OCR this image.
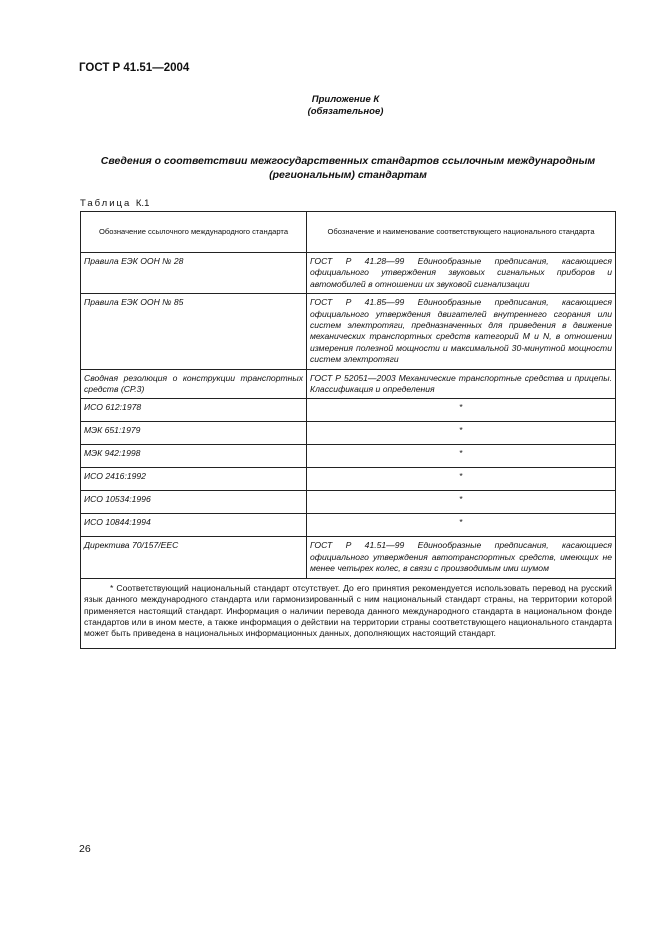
ГОСТ Р 41.51—2004
Приложение К
(обязательное)
Сведения о соответствии межгосударственных стандартов ссылочным международным
(региональным) стандартам
Таблица К.1
Обозначение ссылочного международного стандарта	Обозначение и наименование соответствующего национального стандарта
Правила ЕЭК ООН № 28	ГОСТ Р 41.28—99 Единообразные предписания, касающиеся официального утверждения звуковых сигнальных приборов и автомобилей в отношении их звуковой сигнализации
Правила ЕЭК ООН № 85	ГОСТ Р 41.85—99 Единообразные предписания, касающиеся официального утверждения двигателей внутреннего сгорания или систем электротяги, предназначенных для приведения в движение механических транспортных средств категорий M и N, в отношении измерения полезной мощности и максимальной 30-минутной мощности систем электротяги
Сводная резолюция о конструкции транспортных средств (СР.3)	ГОСТ Р 52051—2003 Механические транспортные средства и прицепы. Классификация и определения
ИСО 612:1978	*
МЭК 651:1979	*
МЭК 942:1998	*
ИСО 2416:1992	*
ИСО 10534:1996	*
ИСО 10844:1994	*
Директива 70/157/ЕЕС	ГОСТ Р 41.51—99 Единообразные предписания, касающиеся официального утверждения автотранспортных средств, имеющих не менее четырех колес, в связи с производимым ими шумом
* Соответствующий национальный стандарт отсутствует. До его принятия рекомендуется использовать перевод на русский язык данного международного стандарта или гармонизированный с ним национальный стандарт страны, на территории которой применяется настоящий стандарт. Информация о наличии перевода данного международного стандарта в национальном фонде стандартов или в ином месте, а также информация о действии на территории страны соответствующего национального стандарта может быть приведена в национальных информационных данных, дополняющих настоящий стандарт.	
26
